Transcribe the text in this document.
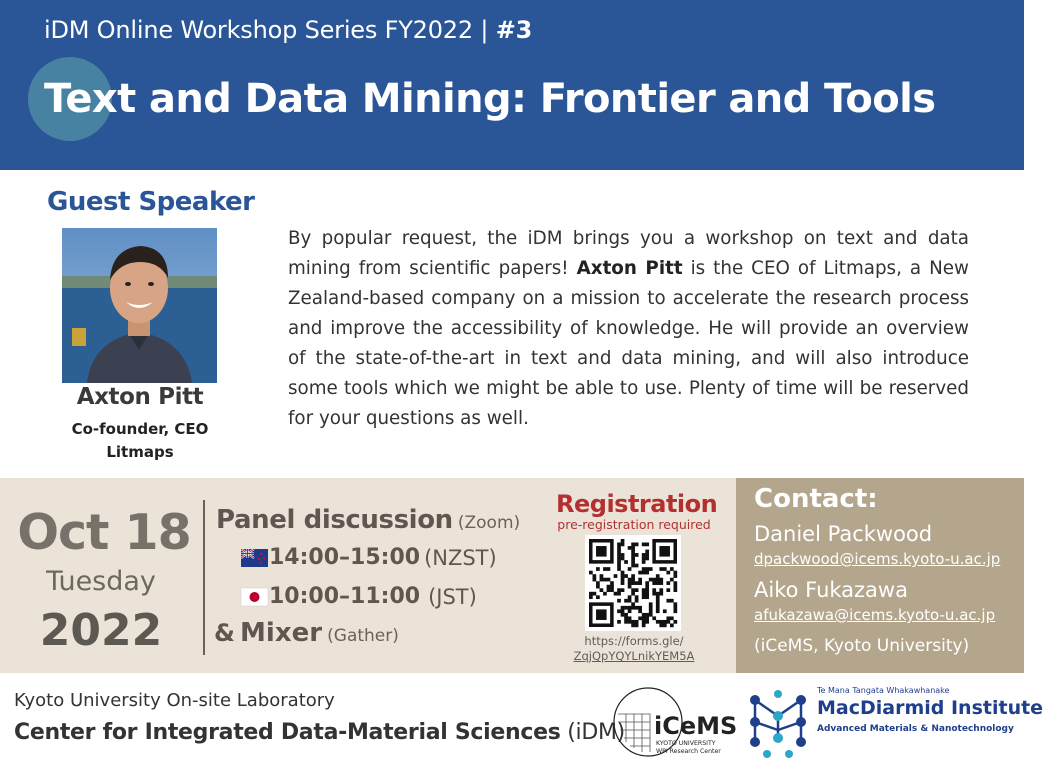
iDM Online Workshop Series FY2022 | #3
Text and Data Mining: Frontier and Tools
Guest Speaker
Axton Pitt
Co-founder, CEO
Litmaps
By popular request, the iDM brings you a workshop on text and data mining from scientific papers! Axton Pitt is the CEO of Litmaps, a New Zealand-based company on a mission to accelerate the research process and improve the accessibility of knowledge. He will provide an overview of the state-of-the-art in text and data mining, and will also introduce some tools which we might be able to use. Plenty of time will be reserved for your questions as well.
Oct 18
Tuesday
2022
Panel discussion (Zoom)
14:00–15:00 (NZST)
10:00–11:00 (JST)
& Mixer (Gather)
Registration
pre-registration required
https://forms.gle/
ZqjQpYQYLnikYEM5A
Contact:
Daniel Packwood
dpackwood@icems.kyoto-u.ac.jp
Aiko Fukazawa
afukazawa@icems.kyoto-u.ac.jp
(iCeMS, Kyoto University)
Kyoto University On-site Laboratory
Center for Integrated Data-Material Sciences (iDM) iCeMS
KYOTO UNIVERSITY
WPI Research Center
Te Mana Tangata Whakawhanake
MacDiarmid Institute
Advanced Materials & Nanotechnology
